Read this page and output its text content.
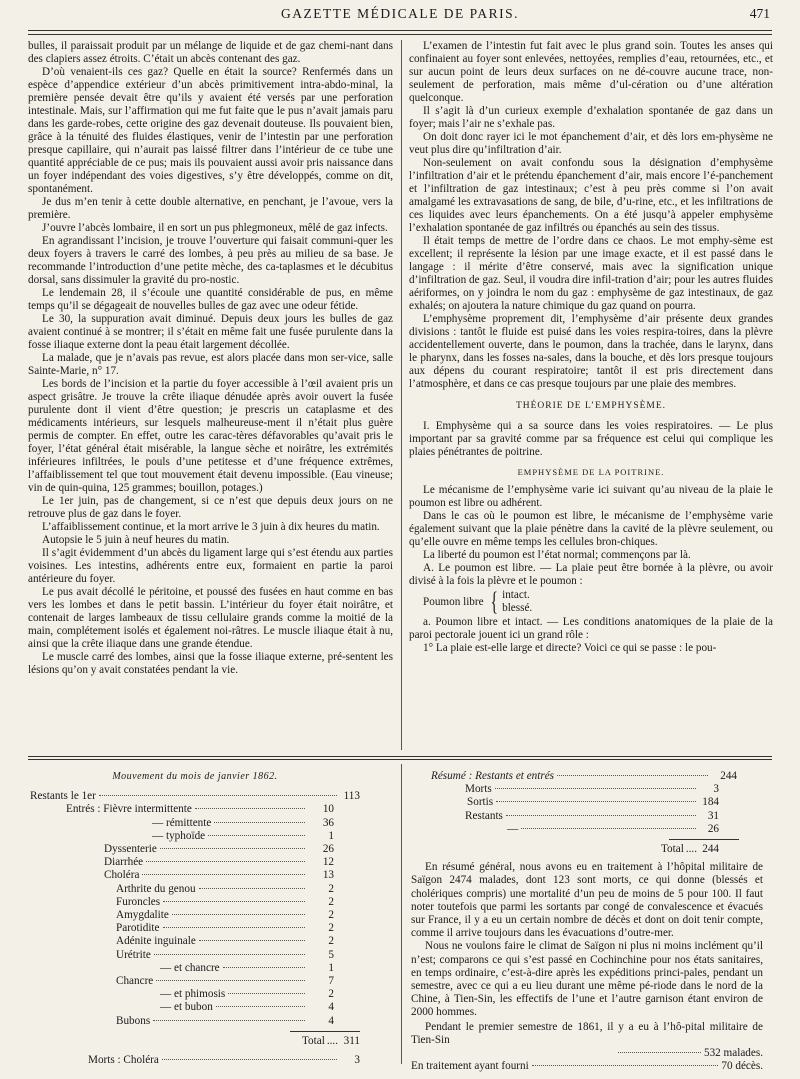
GAZETTE MÉDICALE DE PARIS.	471

bulles, il paraissait produit par un mélange de liquide et de gaz chemi-nant dans des clapiers assez étroits. C’était un abcès contenant des gaz.

D’où venaient-ils ces gaz? Quelle en était la source? Renfermés dans un espèce d’appendice extérieur d’un abcès primitivement intra-abdo-minal, la première pensée devait être qu’ils y avaient été versés par une perforation intestinale. Mais, sur l’affirmation qui me fut faite que le pus n’avait jamais paru dans les garde-robes, cette origine des gaz devenait douteuse. Ils pouvaient bien, grâce à la ténuité des fluides élastiques, venir de l’intestin par une perforation presque capillaire, qui n’aurait pas laissé filtrer dans l’intérieur de ce tube une quantité appréciable de ce pus; mais ils pouvaient aussi avoir pris naissance dans un foyer indépendant des voies digestives, s’y être développés, comme on dit, spontanément.

Je dus m’en tenir à cette double alternative, en penchant, je l’avoue, vers la première.

J’ouvre l’abcès lombaire, il en sort un pus phlegmoneux, mêlé de gaz infects.

En agrandissant l’incision, je trouve l’ouverture qui faisait communi-quer les deux foyers à travers le carré des lombes, à peu près au milieu de sa base. Je recommande l’introduction d’une petite mèche, des ca-taplasmes et le décubitus dorsal, sans dissimuler la gravité du pro-nostic.

Le lendemain 28, il s’écoule une quantité considérable de pus, en même temps qu’il se dégageait de nouvelles bulles de gaz avec une odeur fétide.

Le 30, la suppuration avait diminué. Depuis deux jours les bulles de gaz avaient continué à se montrer; il s’était en même fait une fusée purulente dans la fosse iliaque externe dont la peau était largement décollée.

La malade, que je n’avais pas revue, est alors placée dans mon ser-vice, salle Sainte-Marie, n° 17.

Les bords de l’incision et la partie du foyer accessible à l’œil avaient pris un aspect grisâtre. Je trouve la crête iliaque dénudée après avoir ouvert la fusée purulente dont il vient d’être question; je prescris un cataplasme et des médicaments intérieurs, sur lesquels malheureuse-ment il n’était plus guère permis de compter. En effet, outre les carac-tères défavorables qu’avait pris le foyer, l’état général était misérable, la langue sèche et noirâtre, les extrémités inférieures infiltrées, le pouls d’une petitesse et d’une fréquence extrêmes, l’affaiblissement tel que tout mouvement était devenu impossible. (Eau vineuse; vin de quin-quina, 125 grammes; bouillon, potages.)

Le 1er juin, pas de changement, si ce n’est que depuis deux jours on ne retrouve plus de gaz dans le foyer.

L’affaiblissement continue, et la mort arrive le 3 juin à dix heures du matin.

Autopsie le 5 juin à neuf heures du matin.

Il s’agit évidemment d’un abcès du ligament large qui s’est étendu aux parties voisines. Les intestins, adhérents entre eux, formaient en partie la paroi antérieure du foyer.

Le pus avait décollé le péritoine, et poussé des fusées en haut comme en bas vers les lombes et dans le petit bassin. L’intérieur du foyer était noirâtre, et contenait de larges lambeaux de tissu cellulaire grands comme la moitié de la main, complétement isolés et également noi-râtres. Le muscle iliaque était à nu, ainsi que la crête iliaque dans une grande étendue.

Le muscle carré des lombes, ainsi que la fosse iliaque externe, pré-sentent les lésions qu’on y avait constatées pendant la vie.

L’examen de l’intestin fut fait avec le plus grand soin. Toutes les anses qui confinaient au foyer sont enlevées, nettoyées, remplies d’eau, retournées, etc., et sur aucun point de leurs deux surfaces on ne dé-couvre aucune trace, non-seulement de perforation, mais même d’ul-cération ou d’une altération quelconque.

Il s’agit là d’un curieux exemple d’exhalation spontanée de gaz dans un foyer; mais l’air ne s’exhale pas.

On doit donc rayer ici le mot épanchement d’air, et dès lors em-physème ne veut plus dire qu’infiltration d’air.

Non-seulement on avait confondu sous la désignation d’emphysème l’infiltration d’air et le prétendu épanchement d’air, mais encore l’é-panchement et l’infiltration de gaz intestinaux; c’est à peu près comme si l’on avait amalgamé les extravasations de sang, de bile, d’u-rine, etc., et les infiltrations de ces liquides avec leurs épanchements. On a été jusqu’à appeler emphysème l’exhalation spontanée de gaz infiltrés ou épanchés au sein des tissus.

Il était temps de mettre de l’ordre dans ce chaos. Le mot emphy-sème est excellent; il représente la lésion par une image exacte, et il est passé dans le langage : il mérite d’être conservé, mais avec la signification unique d’infiltration de gaz. Seul, il voudra dire infil-tration d’air; pour les autres fluides aériformes, on y joindra le nom du gaz : emphysème de gaz intestinaux, de gaz exhalés; on ajoutera la nature chimique du gaz quand on pourra.

L’emphysème proprement dit, l’emphysème d’air présente deux grandes divisions : tantôt le fluide est puisé dans les voies respira-toires, dans la plèvre accidentellement ouverte, dans le poumon, dans la trachée, dans le larynx, dans le pharynx, dans les fosses na-sales, dans la bouche, et dès lors presque toujours aux dépens du courant respiratoire; tantôt il est pris directement dans l’atmosphère, et dans ce cas presque toujours par une plaie des membres.

THÉORIE DE L’EMPHYSÈME.

I. Emphysème qui a sa source dans les voies respiratoires. — Le plus important par sa gravité comme par sa fréquence est celui qui complique les plaies pénétrantes de poitrine.

EMPHYSÈME DE LA POITRINE.

Le mécanisme de l’emphysème varie ici suivant qu’au niveau de la plaie le poumon est libre ou adhérent.

Dans le cas où le poumon est libre, le mécanisme de l’emphysème varie également suivant que la plaie pénètre dans la cavité de la plèvre seulement, ou qu’elle ouvre en même temps les cellules bron-chiques.

La liberté du poumon est l’état normal; commençons par là.

A. Le poumon est libre. — La plaie peut être bornée à la plèvre, ou avoir divisé à la fois la plèvre et le poumon :

Poumon libre { intact.
blessé.

a. Poumon libre et intact. — Les conditions anatomiques de la plaie de la paroi pectorale jouent ici un grand rôle :

1° La plaie est-elle large et directe? Voici ce qui se passe : le pou-

Mouvement du mois de janvier 1862.
Restants le 1er	113
Entrés : Fièvre intermittente	10
— rémittente	36
— typhoïde	1
Dyssenterie	26
Diarrhée	12
Choléra	13
Arthrite du genou	2
Furoncles	2
Amygdalite	2
Parotidite	2
Adénite inguinale	2
Urétrite	5
— et chancre	1
Chancre	7
— et phimosis	2
— et bubon	4
Bubons	4
Total .... 311
Morts : Choléra	3
Résumé : Restants et entrés	244
Morts	3
Sortis	184
Restants	31
—	26
Total .... 244

En résumé général, nous avons eu en traitement à l’hôpital militaire de Saïgon 2474 malades, dont 123 sont morts, ce qui donne (blessés et cholériques compris) une mortalité d’un peu de moins de 5 pour 100. Il faut noter toutefois que parmi les sortants par congé de convalescence et évacués sur France, il y a eu un certain nombre de décès et dont on doit tenir compte, comme il arrive toujours dans les évacuations d’outre-mer.

Nous ne voulons faire le climat de Saïgon ni plus ni moins inclément qu’il n’est; comparons ce qui s’est passé en Cochinchine pour nos états sanitaires, en temps ordinaire, c’est-à-dire après les expéditions princi-pales, pendant un semestre, avec ce qui a eu lieu durant une même pé-riode dans le nord de la Chine, à Tien-Sin, les effectifs de l’une et l’autre garnison étant environ de 2000 hommes.

Pendant le premier semestre de 1861, il y a eu à l’hô-pital militaire de Tien-Sin

532 malades.
En traitement ayant fourni	70 décès.
